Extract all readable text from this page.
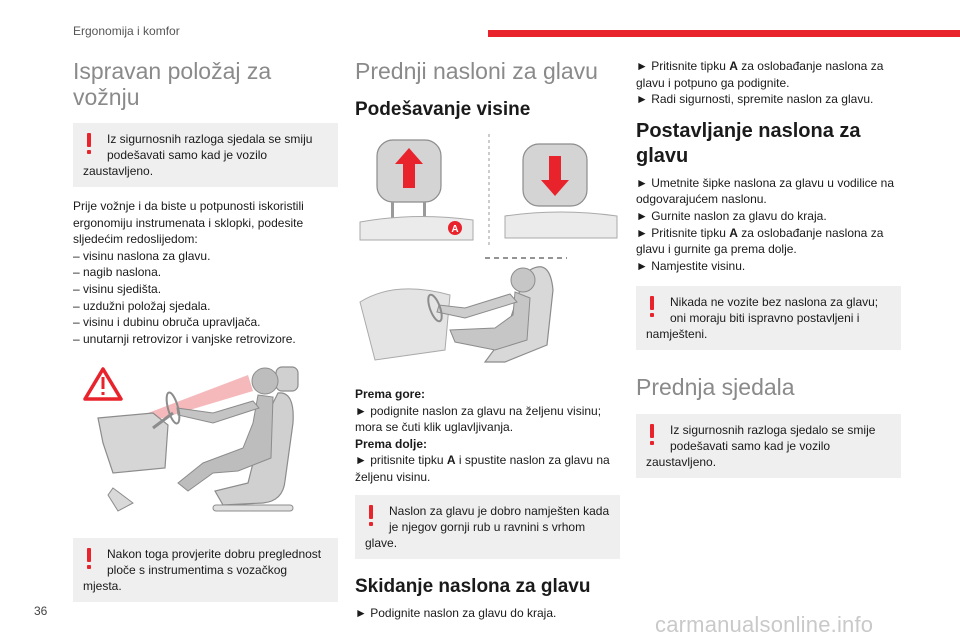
Ergonomija i komfor
36
carmanualsonline.info
Ispravan položaj za
vožnju
Iz sigurnosnih razloga sjedala se smiju
podešavati samo kad je vozilo
zaustavljeno.
Prije vožnje i da biste u potpunosti iskoristili
ergonomiju instrumenata i sklopki, podesite
sljedećim redoslijedom:
– visinu naslona za glavu.
– nagib naslona.
– visinu sjedišta.
– uzdužni položaj sjedala.
– visinu i dubinu obruča upravljača.
– unutarnji retrovizor i vanjske retrovizore.
Nakon toga provjerite dobru preglednost
ploče s instrumentima s vozačkog
mjesta.
Prednji nasloni za glavu
Podešavanje visine
A
Prema gore:
► podignite naslon za glavu na željenu visinu;
mora se čuti klik uglavljivanja.
Prema dolje:
► pritisnite tipku A i spustite naslon za glavu na
željenu visinu.
Naslon za glavu je dobro namješten kada
je njegov gornji rub u ravnini s vrhom
glave.
Skidanje naslona za glavu
► Podignite naslon za glavu do kraja.
► Pritisnite tipku A za oslobađanje naslona za
glavu i potpuno ga podignite.
► Radi sigurnosti, spremite naslon za glavu.
Postavljanje naslona za
glavu
► Umetnite šipke naslona za glavu u vodilice na
odgovarajućem naslonu.
► Gurnite naslon za glavu do kraja.
► Pritisnite tipku A za oslobađanje naslona za
glavu i gurnite ga prema dolje.
► Namjestite visinu.
Nikada ne vozite bez naslona za glavu;
oni moraju biti ispravno postavljeni i
namješteni.
Prednja sjedala
Iz sigurnosnih razloga sjedalo se smije
podešavati samo kad je vozilo
zaustavljeno.
